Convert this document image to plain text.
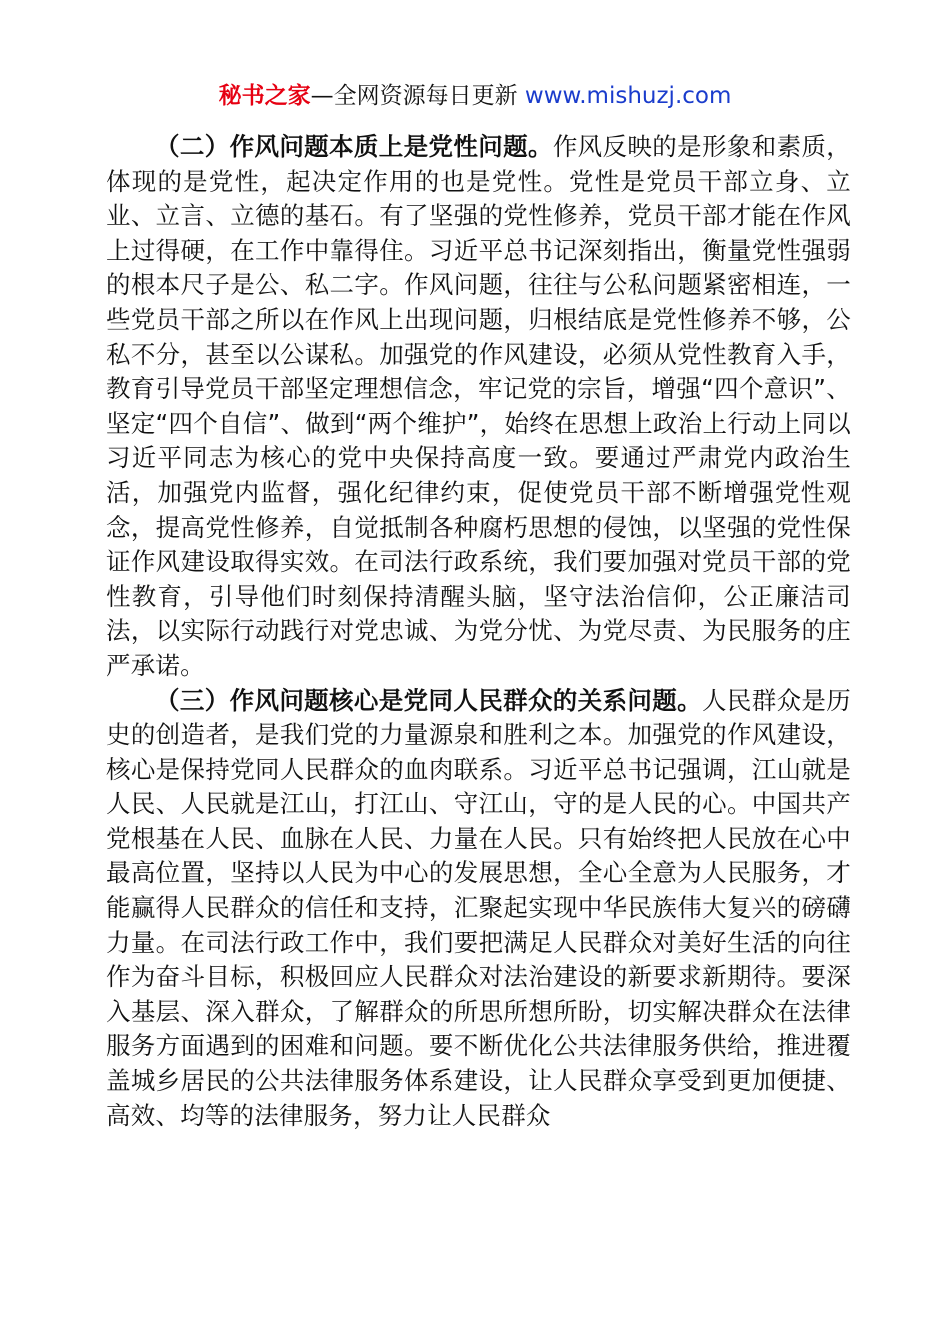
秘书之家—全网资源每日更新 www.mishuzj.com

（二）作风问题本质上是党性问题。作风反映的是形象和素质，体现的是党性，起决定作用的也是党性。党性是党员干部立身、立业、立言、立德的基石。有了坚强的党性修养，党员干部才能在作风上过得硬，在工作中靠得住。习近平总书记深刻指出，衡量党性强弱的根本尺子是公、私二字。作风问题，往往与公私问题紧密相连，一些党员干部之所以在作风上出现问题，归根结底是党性修养不够，公私不分，甚至以公谋私。加强党的作风建设，必须从党性教育入手，教育引导党员干部坚定理想信念，牢记党的宗旨，增强“四个意识”、坚定“四个自信”、做到“两个维护”，始终在思想上政治上行动上同以习近平同志为核心的党中央保持高度一致。要通过严肃党内政治生活，加强党内监督，强化纪律约束，促使党员干部不断增强党性观念，提高党性修养，自觉抵制各种腐朽思想的侵蚀，以坚强的党性保证作风建设取得实效。在司法行政系统，我们要加强对党员干部的党性教育，引导他们时刻保持清醒头脑，坚守法治信仰，公正廉洁司法，以实际行动践行对党忠诚、为党分忧、为党尽责、为民服务的庄严承诺。

（三）作风问题核心是党同人民群众的关系问题。人民群众是历史的创造者，是我们党的力量源泉和胜利之本。加强党的作风建设，核心是保持党同人民群众的血肉联系。习近平总书记强调，江山就是人民、人民就是江山，打江山、守江山，守的是人民的心。中国共产党根基在人民、血脉在人民、力量在人民。只有始终把人民放在心中最高位置，坚持以人民为中心的发展思想，全心全意为人民服务，才能赢得人民群众的信任和支持，汇聚起实现中华民族伟大复兴的磅礴力量。在司法行政工作中，我们要把满足人民群众对美好生活的向往作为奋斗目标，积极回应人民群众对法治建设的新要求新期待。要深入基层、深入群众，了解群众的所思所想所盼，切实解决群众在法律服务方面遇到的困难和问题。要不断优化公共法律服务供给，推进覆盖城乡居民的公共法律服务体系建设，让人民群众享受到更加便捷、高效、均等的法律服务，努力让人民群众
